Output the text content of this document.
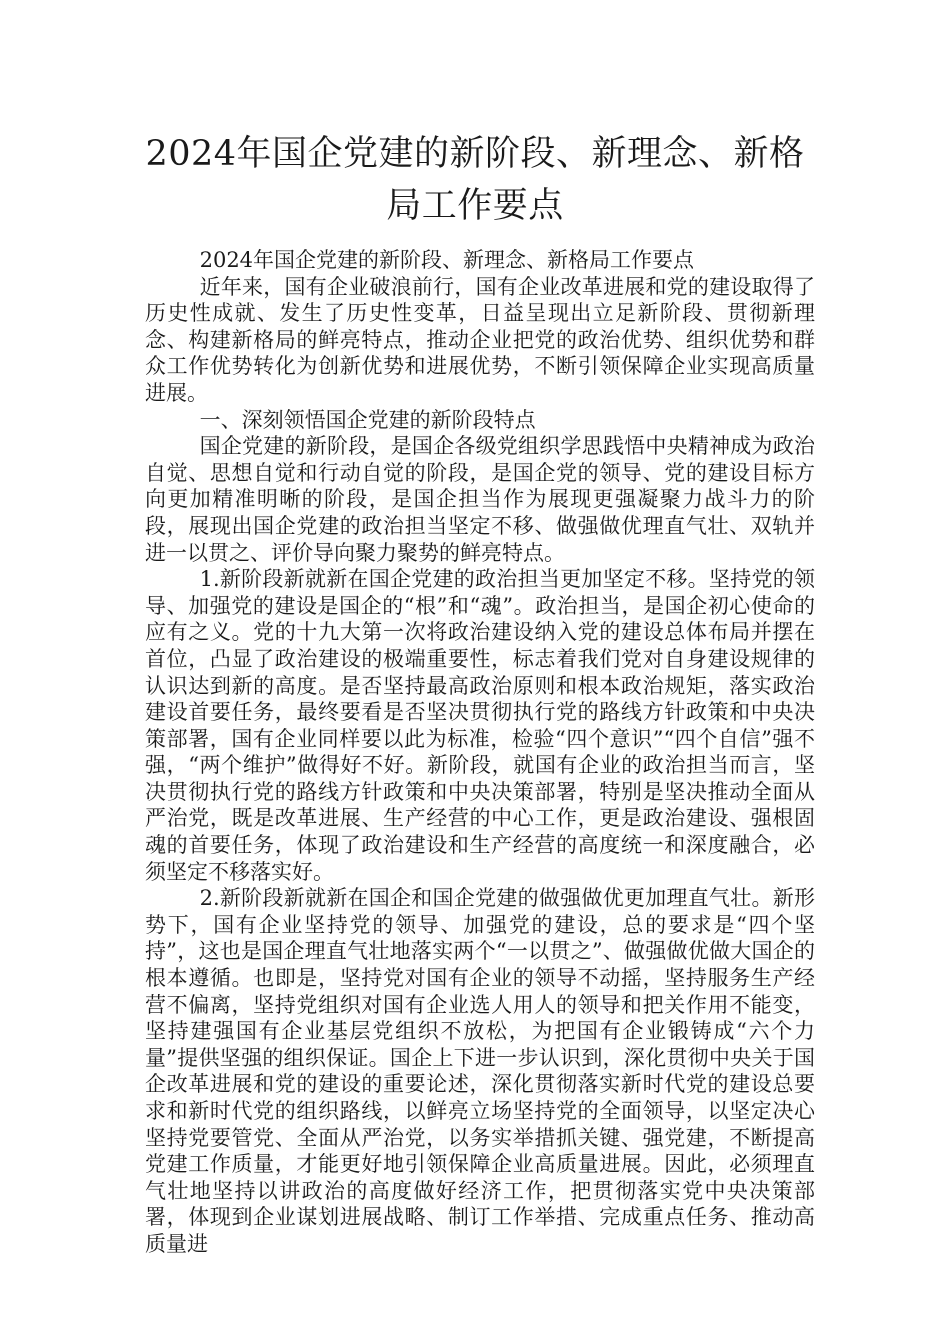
2024年国企党建的新阶段、新理念、新格局工作要点

2024年国企党建的新阶段、新理念、新格局工作要点

近年来，国有企业破浪前行，国有企业改革进展和党的建设取得了历史性成就、发生了历史性变革，日益呈现出立足新阶段、贯彻新理念、构建新格局的鲜亮特点，推动企业把党的政治优势、组织优势和群众工作优势转化为创新优势和进展优势，不断引领保障企业实现高质量进展。

一、深刻领悟国企党建的新阶段特点

国企党建的新阶段，是国企各级党组织学思践悟中央精神成为政治自觉、思想自觉和行动自觉的阶段，是国企党的领导、党的建设目标方向更加精准明晰的阶段，是国企担当作为展现更强凝聚力战斗力的阶段，展现出国企党建的政治担当坚定不移、做强做优理直气壮、双轨并进一以贯之、评价导向聚力聚势的鲜亮特点。

1.新阶段新就新在国企党建的政治担当更加坚定不移。坚持党的领导、加强党的建设是国企的“根”和“魂”。政治担当，是国企初心使命的应有之义。党的十九大第一次将政治建设纳入党的建设总体布局并摆在首位，凸显了政治建设的极端重要性，标志着我们党对自身建设规律的认识达到新的高度。是否坚持最高政治原则和根本政治规矩，落实政治建设首要任务，最终要看是否坚决贯彻执行党的路线方针政策和中央决策部署，国有企业同样要以此为标准，检验“四个意识”“四个自信”强不强，“两个维护”做得好不好。新阶段，就国有企业的政治担当而言，坚决贯彻执行党的路线方针政策和中央决策部署，特别是坚决推动全面从严治党，既是改革进展、生产经营的中心工作，更是政治建设、强根固魂的首要任务，体现了政治建设和生产经营的高度统一和深度融合，必须坚定不移落实好。

2.新阶段新就新在国企和国企党建的做强做优更加理直气壮。新形势下，国有企业坚持党的领导、加强党的建设，总的要求是“四个坚持”，这也是国企理直气壮地落实两个“一以贯之”、做强做优做大国企的根本遵循。也即是，坚持党对国有企业的领导不动摇，坚持服务生产经营不偏离，坚持党组织对国有企业选人用人的领导和把关作用不能变，坚持建强国有企业基层党组织不放松，为把国有企业锻铸成“六个力量”提供坚强的组织保证。国企上下进一步认识到，深化贯彻中央关于国企改革进展和党的建设的重要论述，深化贯彻落实新时代党的建设总要求和新时代党的组织路线，以鲜亮立场坚持党的全面领导，以坚定决心坚持党要管党、全面从严治党，以务实举措抓关键、强党建，不断提高党建工作质量，才能更好地引领保障企业高质量进展。因此，必须理直气壮地坚持以讲政治的高度做好经济工作，把贯彻落实党中央决策部署，体现到企业谋划进展战略、制订工作举措、完成重点任务、推动高质量进
